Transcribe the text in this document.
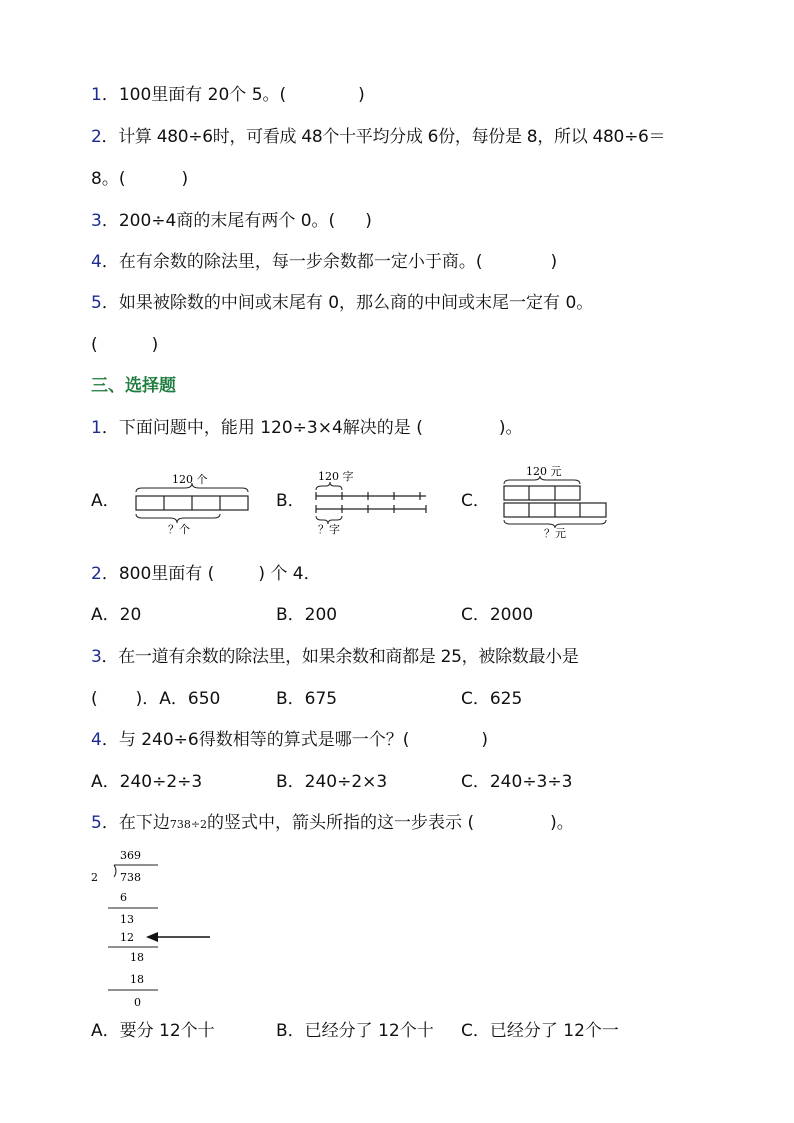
1．100里面有 20个 5。(	)
2．计算 480÷6时，可看成 48个十平均分成 6份，每份是 8，所以 480÷6＝
8。(	)
3．200÷4商的末尾有两个 0。( )
4．在有余数的除法里，每一步余数都一定小于商。(	)
5．如果被除数的中间或末尾有 0，那么商的中间或末尾一定有 0。
(	)
三、选择题
1．下面问题中，能用 120÷3×4解决的是 (	)。
A．
120 个
？个
B．
120 字
？字
C．
120 元
？元
2．800里面有 (	) 个 4．
A．20	B．200	C．2000
3．在一道有余数的除法里，如果余数和商都是 25，被除数最小是
( )．A．650	B．675	C．625
4．与 240÷6得数相等的算式是哪一个？(	)
A．240÷2÷3	B．240÷2×3	C．240÷3÷3
5．在下边738÷2的竖式中，箭头所指的这一步表示 (	)。
369
2 738
6
13
12
18
18
0
A．要分 12个十	B．已经分了 12个十 C．已经分了 12个一
